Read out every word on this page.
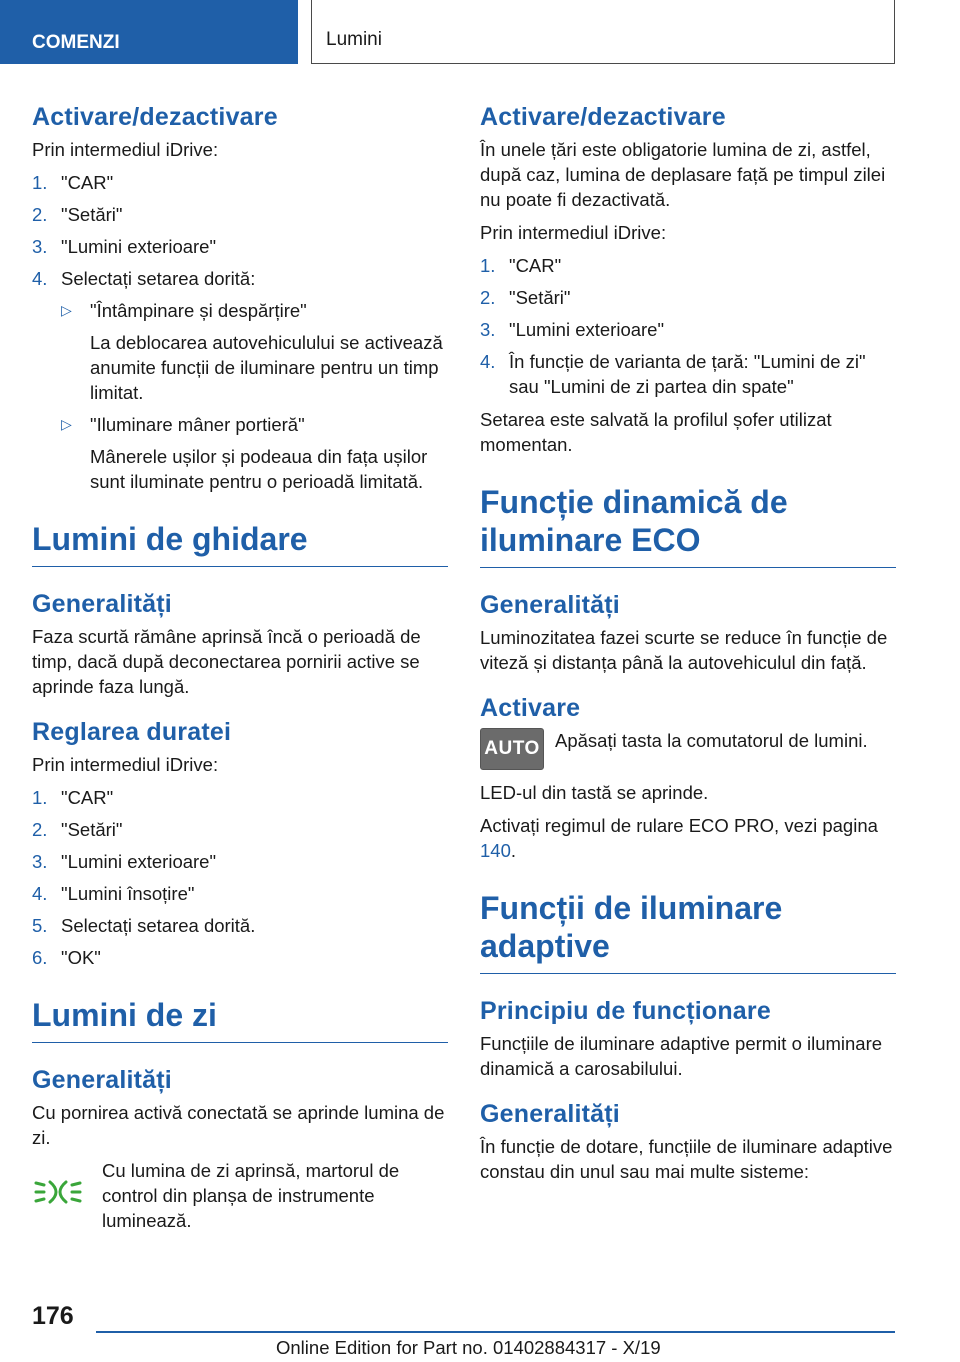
COMENZI	Lumini
Activare/dezactivare

Prin intermediul iDrive:

1. "CAR"
2. "Setări"
3. "Lumini exterioare"
4. Selectați setarea dorită:
▷ "Întâmpinare și despărțire"
La deblocarea autovehiculului se activează anumite funcții de iluminare pentru un timp limitat.
▷ "Iluminare mâner portieră"
Mânerele ușilor și podeaua din fața ușilor sunt iluminate pentru o perioadă limitată.
Lumini de ghidare
Generalități

Faza scurtă rămâne aprinsă încă o perioadă de timp, dacă după deconectarea pornirii active se aprinde faza lungă.

Reglarea duratei

Prin intermediul iDrive:

1. "CAR"
2. "Setări"
3. "Lumini exterioare"
4. "Lumini însoțire"
5. Selectați setarea dorită.
6. "OK"
Lumini de zi
Generalități

Cu pornirea activă conectată se aprinde lumina de zi.

Cu lumina de zi aprinsă, martorul de control din planșa de instrumente luminează.

Activare/dezactivare

În unele țări este obligatorie lumina de zi, astfel, după caz, lumina de deplasare față pe timpul zilei nu poate fi dezactivată.

Prin intermediul iDrive:

1. "CAR"
2. "Setări"
3. "Lumini exterioare"
4. În funcție de varianta de țară: "Lumini de zi" sau "Lumini de zi partea din spate"

Setarea este salvată la profilul șofer utilizat momentan.

Funcție dinamică de iluminare ECO
Generalități

Luminozitatea fazei scurte se reduce în funcție de viteză și distanța până la autovehiculul din față.

Activare
AUTO Apăsați tasta la comutatorul de lumini.

LED-ul din tastă se aprinde.

Activați regimul de rulare ECO PRO, vezi pagina 140.

Funcții de iluminare adaptive
Principiu de funcționare

Funcțiile de iluminare adaptive permit o iluminare dinamică a carosabilului.

Generalități

În funcție de dotare, funcțiile de iluminare adaptive constau din unul sau mai multe sisteme:

176
Online Edition for Part no. 01402884317 - X/19
